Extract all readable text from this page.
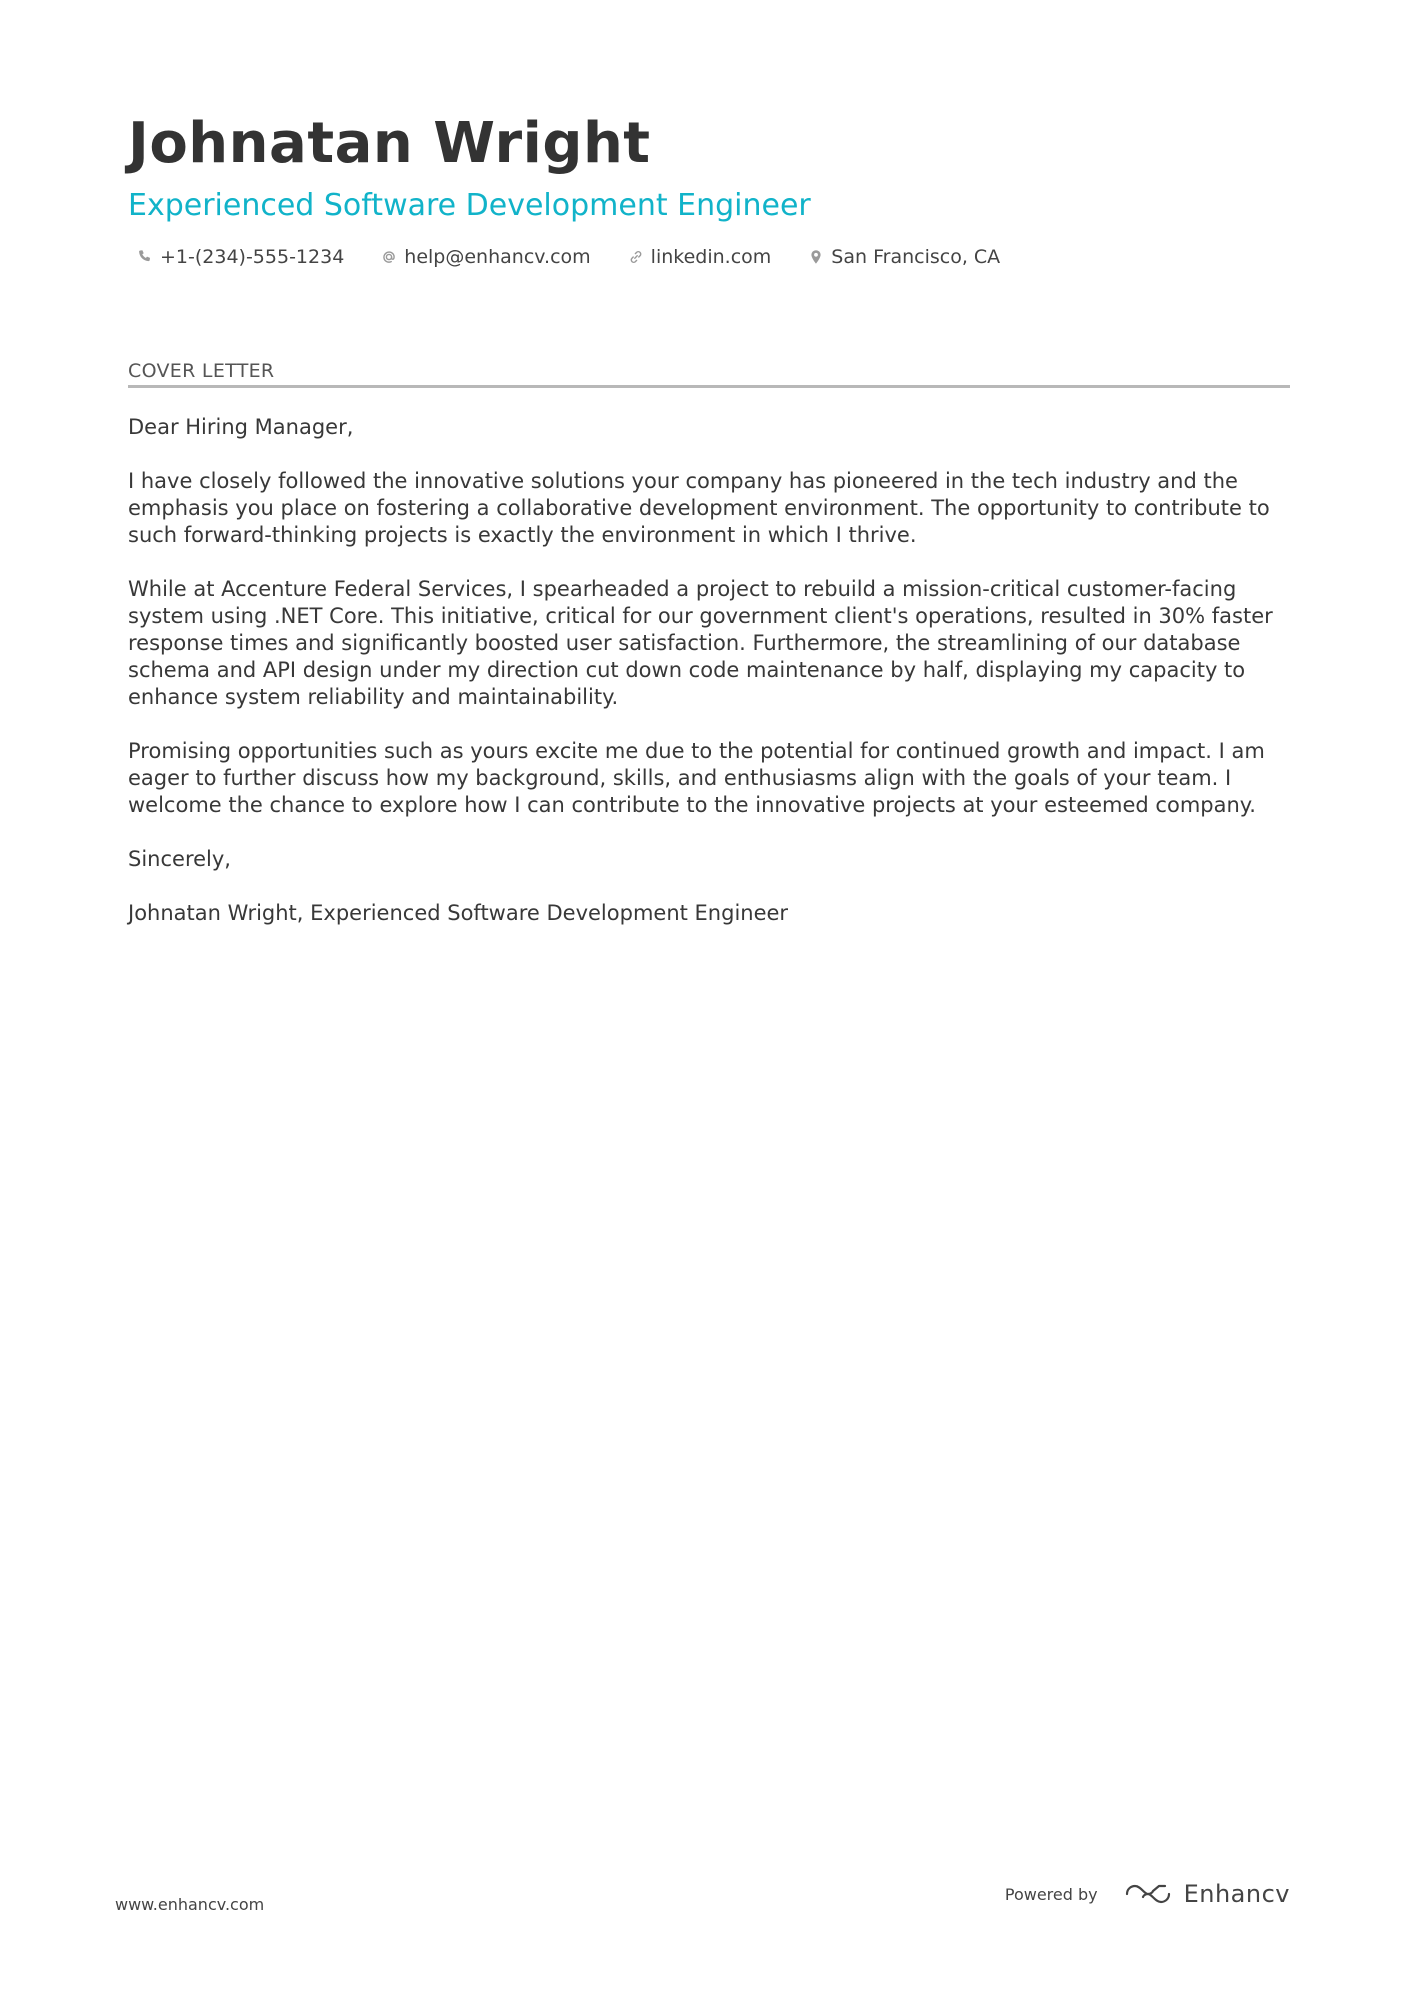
Johnatan Wright
Experienced Software Development Engineer
+1-(234)-555-1234	help@enhancv.com	linkedin.com	San Francisco, CA
COVER LETTER

Dear Hiring Manager,

I have closely followed the innovative solutions your company has pioneered in the tech industry and the emphasis you place on fostering a collaborative development environment. The opportunity to contribute to such forward-thinking projects is exactly the environment in which I thrive.

While at Accenture Federal Services, I spearheaded a project to rebuild a mission-critical customer-facing system using .NET Core. This initiative, critical for our government client's operations, resulted in 30% faster response times and significantly boosted user satisfaction. Furthermore, the streamlining of our database schema and API design under my direction cut down code maintenance by half, displaying my capacity to enhance system reliability and maintainability.

Promising opportunities such as yours excite me due to the potential for continued growth and impact. I am eager to further discuss how my background, skills, and enthusiasms align with the goals of your team. I welcome the chance to explore how I can contribute to the innovative projects at your esteemed company.

Sincerely,

Johnatan Wright, Experienced Software Development Engineer

www.enhancv.com
Powered by	Enhancv
